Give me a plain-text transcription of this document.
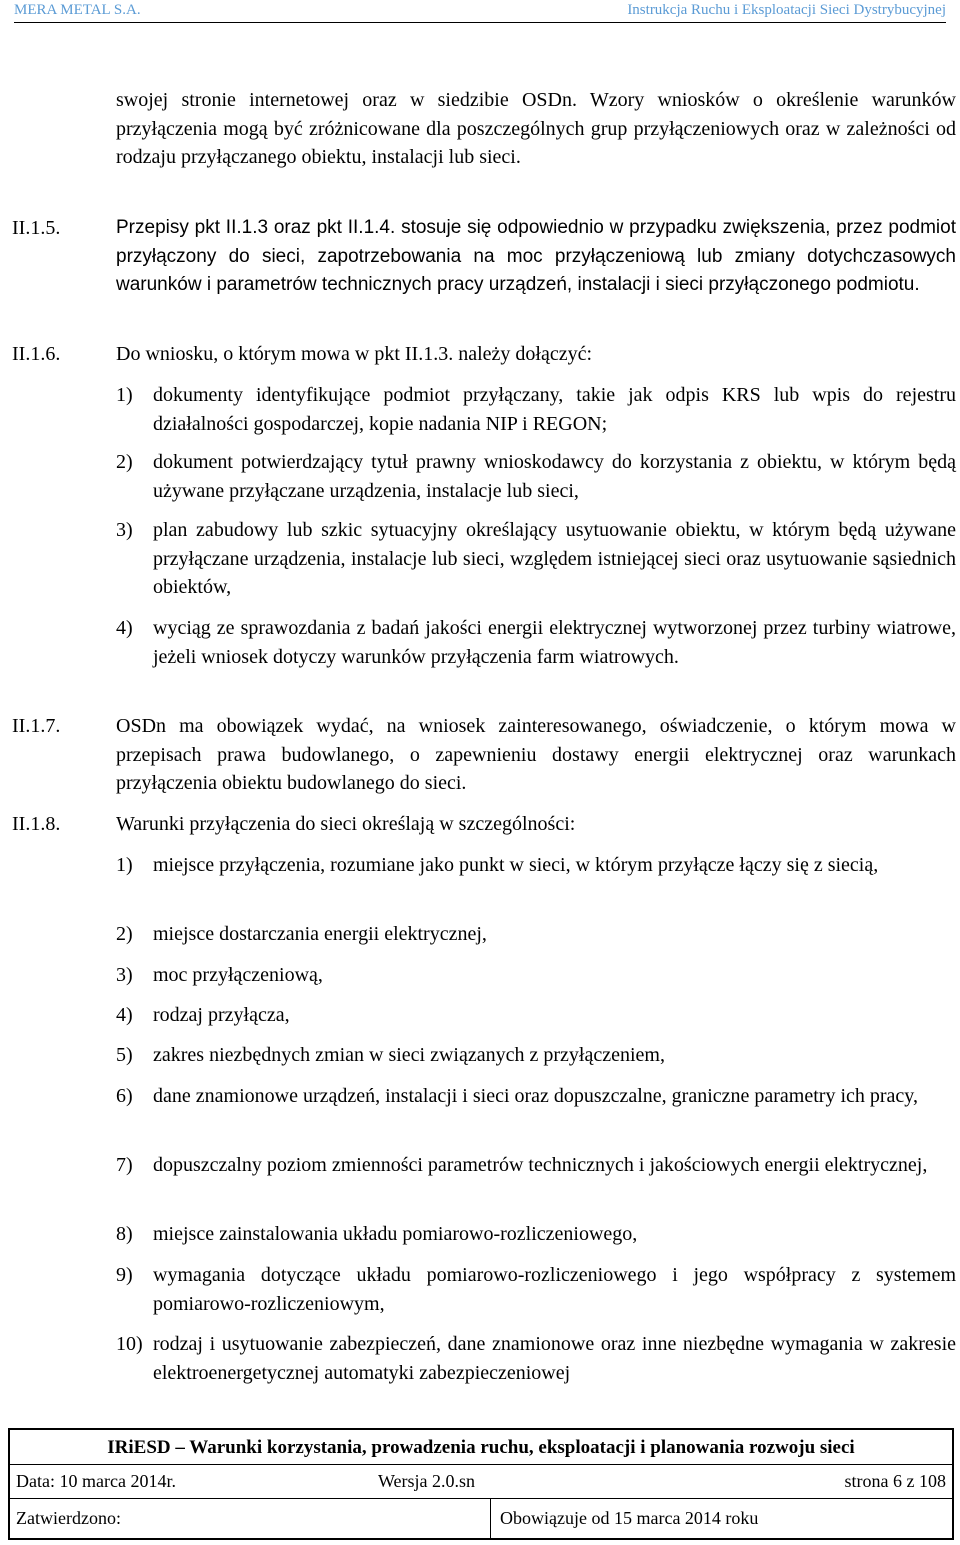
MERA METAL S.A.	Instrukcja Ruchu i Eksploatacji Sieci Dystrybucyjnej
swojej stronie internetowej oraz w siedzibie OSDn. Wzory wniosków o określenie warunków przyłączenia mogą być zróżnicowane dla poszczególnych grup przyłączeniowych oraz w zależności od rodzaju przyłączanego obiektu, instalacji lub sieci.
II.1.5.	Przepisy pkt II.1.3 oraz pkt II.1.4. stosuje się odpowiednio w przypadku zwiększenia, przez podmiot przyłączony do sieci, zapotrzebowania na moc przyłączeniową lub zmiany dotychczasowych warunków i parametrów technicznych pracy urządzeń, instalacji i sieci przyłączonego podmiotu.
II.1.6.	Do wniosku, o którym mowa w pkt II.1.3. należy dołączyć:
1) dokumenty identyfikujące podmiot przyłączany, takie jak odpis KRS lub wpis do rejestru działalności gospodarczej, kopie nadania NIP i REGON;
2) dokument potwierdzający tytuł prawny wnioskodawcy do korzystania z obiektu, w którym będą używane przyłączane urządzenia, instalacje lub sieci,
3) plan zabudowy lub szkic sytuacyjny określający usytuowanie obiektu, w którym będą używane przyłączane urządzenia, instalacje lub sieci, względem istniejącej sieci oraz usytuowanie sąsiednich obiektów,
4) wyciąg ze sprawozdania z badań jakości energii elektrycznej wytworzonej przez turbiny wiatrowe, jeżeli wniosek dotyczy warunków przyłączenia farm wiatrowych.
II.1.7.	OSDn ma obowiązek wydać, na wniosek zainteresowanego, oświadczenie, o którym mowa w przepisach prawa budowlanego, o zapewnieniu dostawy energii elektrycznej oraz warunkach przyłączenia obiektu budowlanego do sieci.
II.1.8.	Warunki przyłączenia do sieci określają w szczególności:
1) miejsce przyłączenia, rozumiane jako punkt w sieci, w którym przyłącze łączy się z siecią,
2) miejsce dostarczania energii elektrycznej,
3) moc przyłączeniową,
4) rodzaj przyłącza,
5) zakres niezbędnych zmian w sieci związanych z przyłączeniem,
6) dane znamionowe urządzeń, instalacji i sieci oraz dopuszczalne, graniczne parametry ich pracy,
7) dopuszczalny poziom zmienności parametrów technicznych i jakościowych energii elektrycznej,
8) miejsce zainstalowania układu pomiarowo-rozliczeniowego,
9) wymagania dotyczące układu pomiarowo-rozliczeniowego i jego współpracy z systemem pomiarowo-rozliczeniowym,
10) rodzaj i usytuowanie zabezpieczeń, dane znamionowe oraz inne niezbędne wymagania w zakresie elektroenergetycznej automatyki zabezpieczeniowej
IRiESD – Warunki korzystania, prowadzenia ruchu, eksploatacji i planowania rozwoju sieci
Data: 10 marca 2014r.	Wersja 2.0.sn	strona 6 z 108
Zatwierdzono:	Obowiązuje od 15 marca 2014 roku
